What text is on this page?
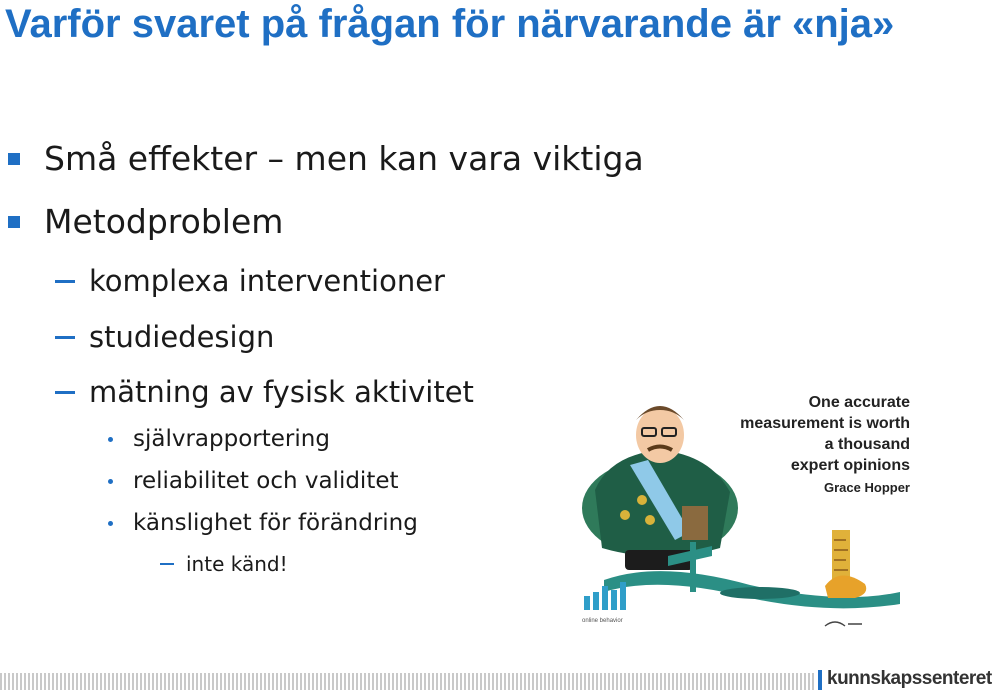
Varför svaret på frågan för närvarande är «nja»
Små effekter – men kan vara viktiga
Metodproblem
komplexa interventioner
studiedesign
mätning av fysisk aktivitet
självrapportering
reliabilitet och validitet
känslighet för förändring
inte känd!
One accurate
measurement is worth
a thousand
expert opinions
Grace Hopper
online behavior
kunnskapssenteret
